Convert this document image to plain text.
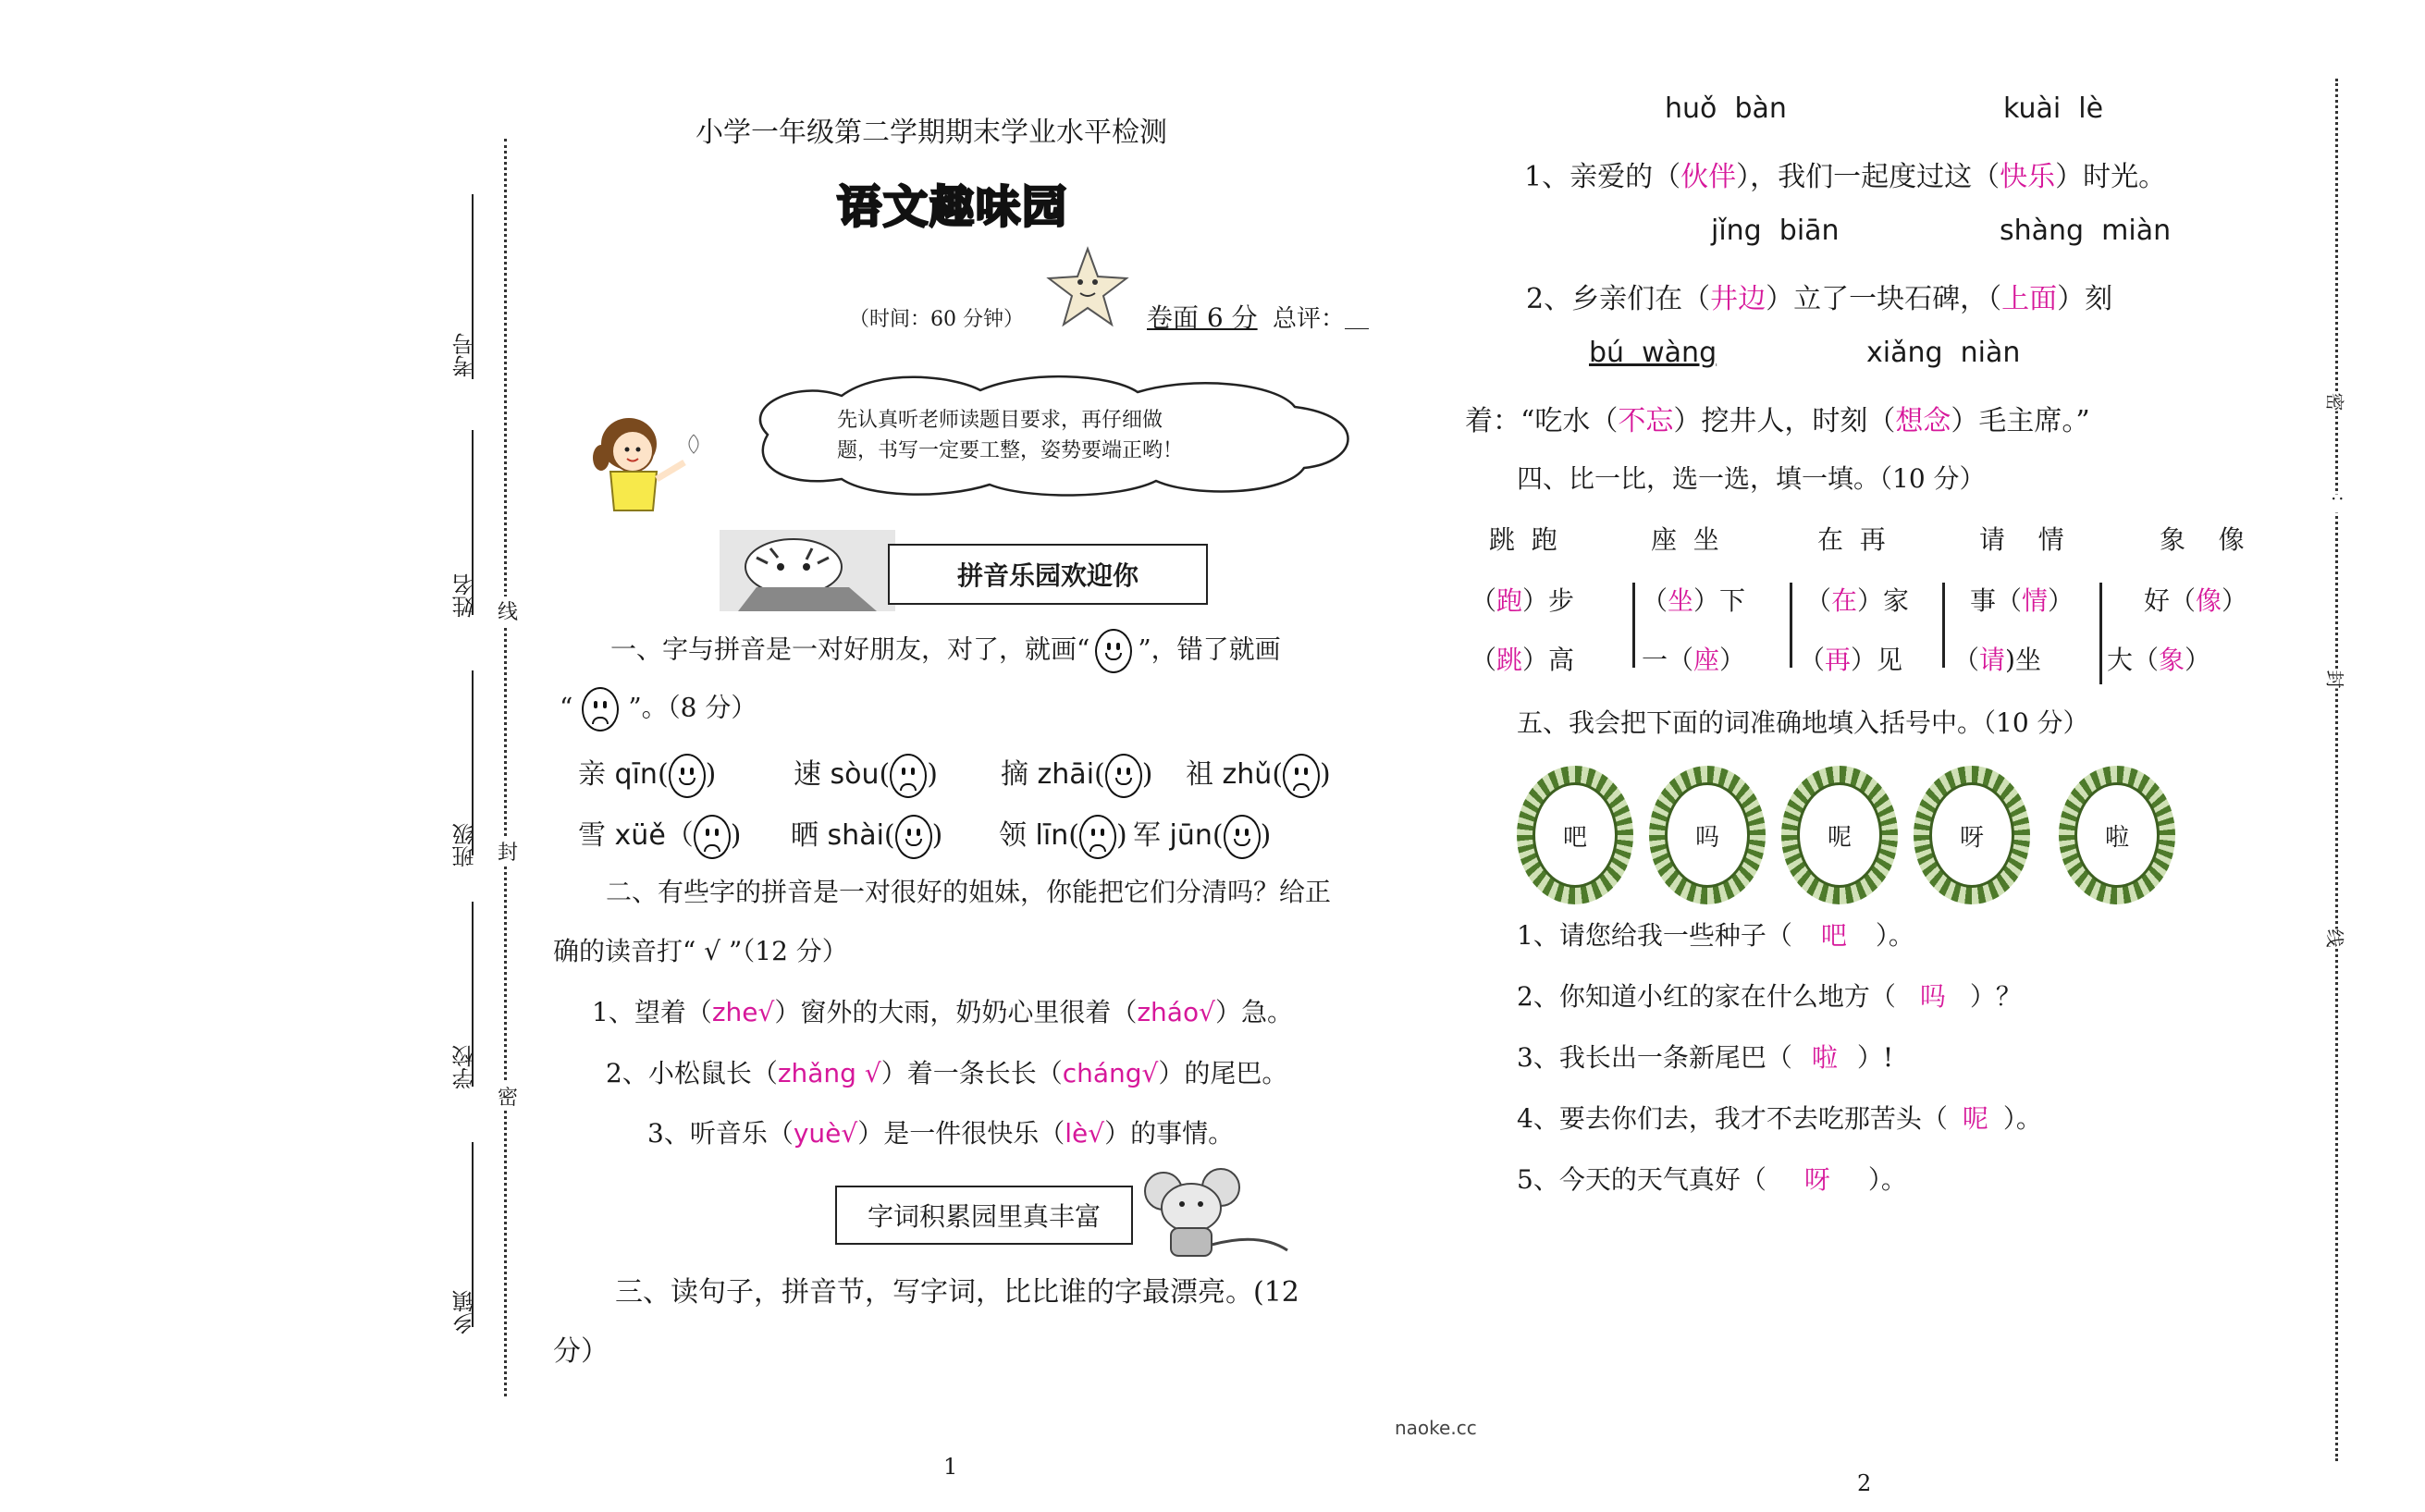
考号
姓名 线
班级 封
学校
密
乡镇
小学一年级第二学期期末学业水平检测
语文趣味园
（时间：60 分钟）	卷面 6 分 总评：＿
先认真听老师读题目要求，再仔细做
题，书写一定要工整，姿势要端正哟！
拼音乐园欢迎你
一、字与拼音是一对好朋友，对了，就画“ ”，错了就画
“ ”。（8 分）
亲 qīn( )	速 sòu( ) 摘 zhāi( ) 祖 zhǔ( )
雪 xüě（ ) 晒 shài( ) 领 līn( ) 军 jūn( )
二、有些字的拼音是一对很好的姐妹，你能把它们分清吗？给正
确的读音打“ √ ”（12 分）
1、望着（zhe√）窗外的大雨，奶奶心里很着（zháo√）急。
2、小松鼠长（zhǎng √）着一条长长（cháng√）的尾巴。
3、听音乐（yuè√）是一件很快乐（lè√）的事情。
字词积累园里真丰富
三、读句子，拼音节，写字词，比比谁的字最漂亮。(12
分）
naoke.cc
1
huǒ  bàn	kuài  lè
1、亲爱的（伙伴），我们一起度过这（快乐）时光。
jǐng  biān	shàng  miàn
2、乡亲们在（井边）立了一块石碑，（上面）刻
bú  wàng	xiǎng  niàn
着：“吃水（不忘）挖井人，时刻（想念）毛主席。”
四、比一比，选一选，填一填。（10 分）
跳  跑	座  坐	在  再	请    情	象    像
（跑）步	（坐）下 （在）家 事（情）	好（像）
（跳）高	一（座） （再）见 （请)坐	大（象）
五、我会把下面的词准确地填入括号中。（10 分）
吧	吗	呢	呀	啦
1、请您给我一些种子（ 吧 ）。
2、你知道小红的家在什么地方（ 吗 ）？
3、我长出一条新尾巴（ 啦 ）!
4、要去你们去，我才不去吃那苦头（ 呢 ）。
5、今天的天气真好（ 呀 ）。
2
密
：
封
线
